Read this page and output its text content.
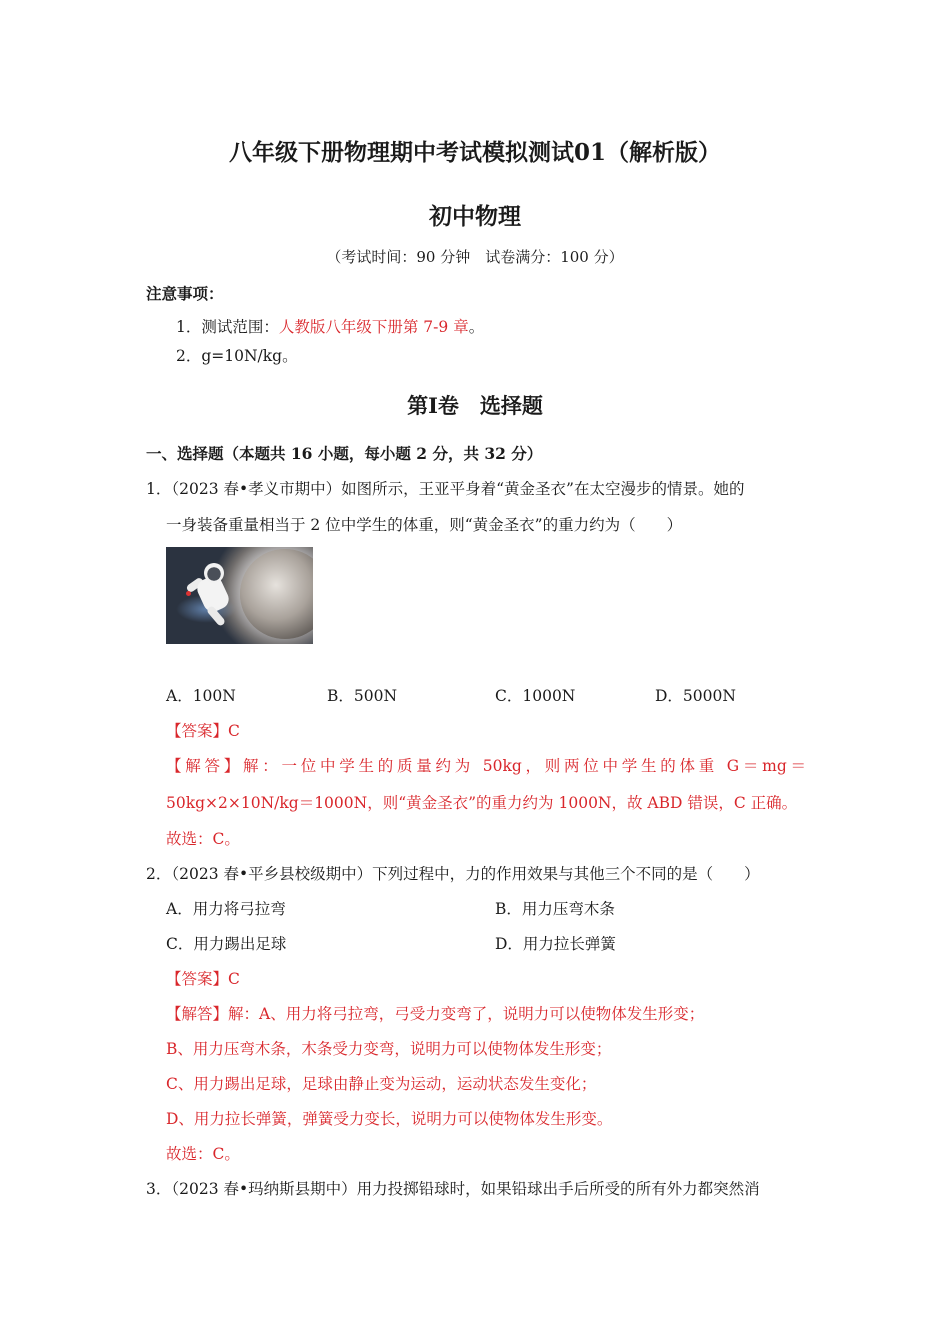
八年级下册物理期中考试模拟测试01（解析版）
初中物理
（考试时间：90 分钟　试卷满分：100 分）
注意事项：
1．测试范围：人教版八年级下册第 7-9 章。
2．g=10N/kg。
第Ⅰ卷　选择题
一、选择题（本题共 16 小题，每小题 2 分，共 32 分）
1．（2023 春•孝义市期中）如图所示，王亚平身着“黄金圣衣”在太空漫步的情景。她的
一身装备重量相当于 2 位中学生的体重，则“黄金圣衣”的重力约为（　　）
A．100N	B．500N	C．1000N	D．5000N
【答案】C
【解答】解：一位中学生的质量约为 50kg，则两位中学生的体重 G＝mg＝
50kg×2×10N/kg＝1000N，则“黄金圣衣”的重力约为 1000N，故 ABD 错误，C 正确。
故选：C。
2．（2023 春•平乡县校级期中）下列过程中，力的作用效果与其他三个不同的是（　　）
A．用力将弓拉弯	B．用力压弯木条
C．用力踢出足球	D．用力拉长弹簧
【答案】C
【解答】解：A、用力将弓拉弯，弓受力变弯了，说明力可以使物体发生形变；
B、用力压弯木条，木条受力变弯，说明力可以使物体发生形变；
C、用力踢出足球，足球由静止变为运动，运动状态发生变化；
D、用力拉长弹簧，弹簧受力变长，说明力可以使物体发生形变。
故选：C。
3．（2023 春•玛纳斯县期中）用力投掷铅球时，如果铅球出手后所受的所有外力都突然消
